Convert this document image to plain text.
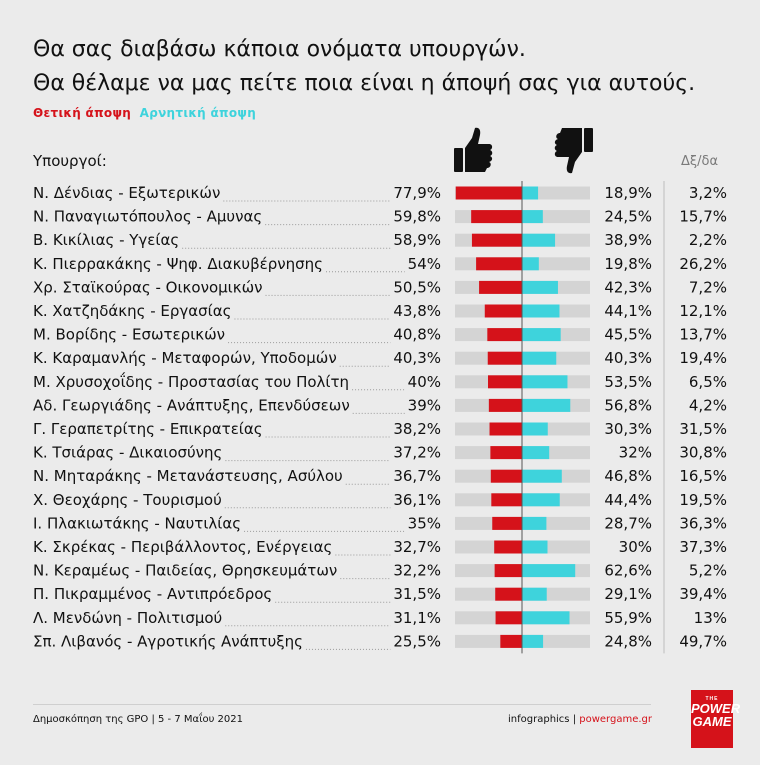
Θα σας διαβάσω κάποια ονόματα υπουργών.
Θα θέλαμε να μας πείτε ποια είναι η άποψή σας για αυτούς.
Θετική άποψη Αρνητική άποψη
Υπουργοί:	Δξ/δα
Ν. Δένδιας - Εξωτερικών	77,9%	18,9% 3,2%
Ν. Παναγιωτόπουλος - Αμυνας	59,8%	24,5% 15,7%
Β. Κικίλιας - Υγείας	58,9%	38,9% 2,2%
Κ. Πιερρακάκης - Ψηφ. Διακυβέρνησης	54%	19,8% 26,2%
Χρ. Σταϊκούρας - Οικονομικών	50,5%	42,3% 7,2%
Κ. Χατζηδάκης - Εργασίας	43,8%	44,1% 12,1%
Μ. Βορίδης - Εσωτερικών	40,8%	45,5% 13,7%
Κ. Καραμανλής - Μεταφορών, Υποδομών	40,3%	40,3% 19,4%
Μ. Χρυσοχοΐδης - Προστασίας του Πολίτη	40%	53,5% 6,5%
Αδ. Γεωργιάδης - Ανάπτυξης, Επενδύσεων	39%	56,8% 4,2%
Γ. Γεραπετρίτης - Επικρατείας	38,2%	30,3% 31,5%
Κ. Τσιάρας - Δικαιοσύνης	37,2%	32% 30,8%
Ν. Μηταράκης - Μετανάστευσης, Ασύλου	36,7%	46,8% 16,5%
Χ. Θεοχάρης - Τουρισμού	36,1%	44,4% 19,5%
Ι. Πλακιωτάκης - Ναυτιλίας	35%	28,7% 36,3%
Κ. Σκρέκας - Περιβάλλοντος, Ενέργειας	32,7%	30% 37,3%
Ν. Κεραμέως - Παιδείας, Θρησκευμάτων	32,2%	62,6% 5,2%
Π. Πικραμμένος - Αντιπρόεδρος	31,5%	29,1% 39,4%
Λ. Μενδώνη - Πολιτισμού	31,1%	55,9%	13%
Σπ. Λιβανός - Αγροτικής Ανάπτυξης	25,5%	24,8% 49,7%
Δημοσκόπηση της GPO | 5 - 7 Μαΐου 2021	infographics | powergame.gr
THE
POWER
GAME
